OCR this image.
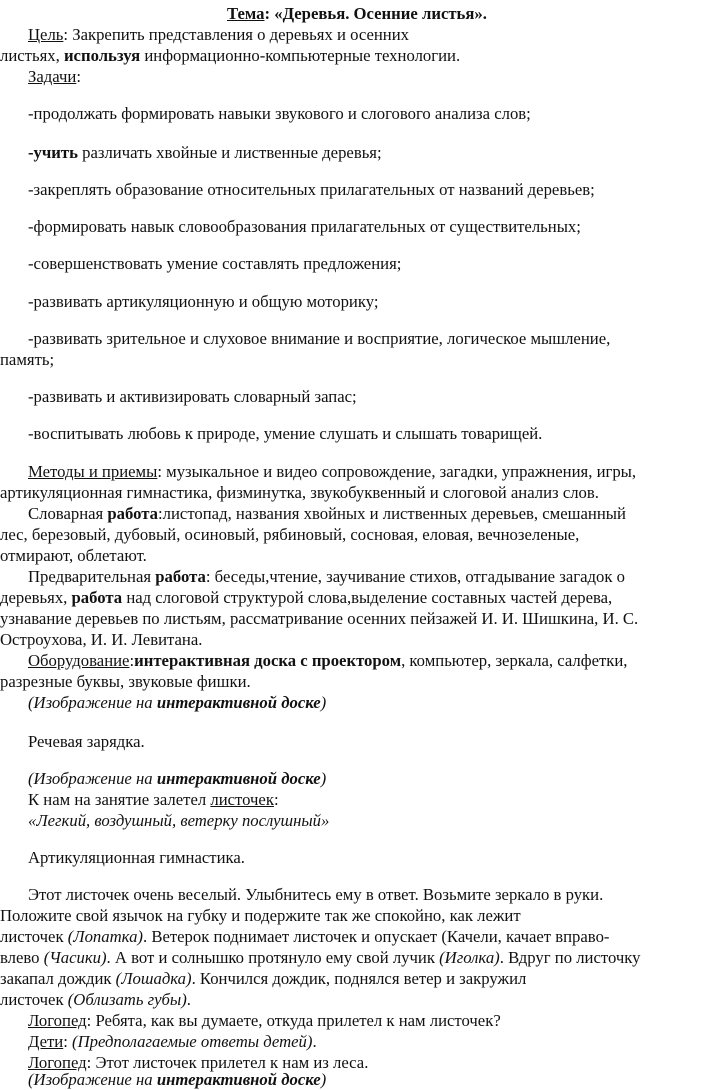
Тема: «Деревья. Осенние листья».
Цель: Закрепить представления о деревьях и осенних
листьях, используя информационно-компьютерные технологии.
Задачи:
-продолжать формировать навыки звукового и слогового анализа слов;
-учить различать хвойные и лиственные деревья;
-закреплять образование относительных прилагательных от названий деревьев;
-формировать навык словообразования прилагательных от существительных;
-совершенствовать умение составлять предложения;
-развивать артикуляционную и общую моторику;
-развивать зрительное и слуховое внимание и восприятие, логическое мышление,
память;
-развивать и активизировать словарный запас;
-воспитывать любовь к природе, умение слушать и слышать товарищей.
Методы и приемы: музыкальное и видео сопровождение, загадки, упражнения, игры,
артикуляционная гимнастика, физминутка, звукобуквенный и слоговой анализ слов.
Словарная работа:листопад, названия хвойных и лиственных деревьев, смешанный
лес, березовый, дубовый, осиновый, рябиновый, сосновая, еловая, вечнозеленые,
отмирают, облетают.
Предварительная работа: беседы,чтение, заучивание стихов, отгадывание загадок о
деревьях, работа над слоговой структурой слова,выделение составных частей дерева,
узнавание деревьев по листьям, рассматривание осенних пейзажей И. И. Шишкина, И. С.
Остроухова, И. И. Левитана.
Оборудование:интерактивная доска с проектором, компьютер, зеркала, салфетки,
разрезные буквы, звуковые фишки.
(Изображение на интерактивной доске)
Речевая зарядка.
(Изображение на интерактивной доске)
К нам на занятие залетел листочек:
«Легкий, воздушный, ветерку послушный»
Артикуляционная гимнастика.
Этот листочек очень веселый. Улыбнитесь ему в ответ. Возьмите зеркало в руки.
Положите свой язычок на губку и подержите так же спокойно, как лежит
листочек (Лопатка). Ветерок поднимает листочек и опускает (Качели, качает вправо-
влево (Часики). А вот и солнышко протянуло ему свой лучик (Иголка). Вдруг по листочку
закапал дождик (Лошадка). Кончился дождик, поднялся ветер и закружил
листочек (Облизать губы).
Логопед: Ребята, как вы думаете, откуда прилетел к нам листочек?
Дети: (Предполагаемые ответы детей).
Логопед: Этот листочек прилетел к нам из леса.
(Изображение на интерактивной доске)
